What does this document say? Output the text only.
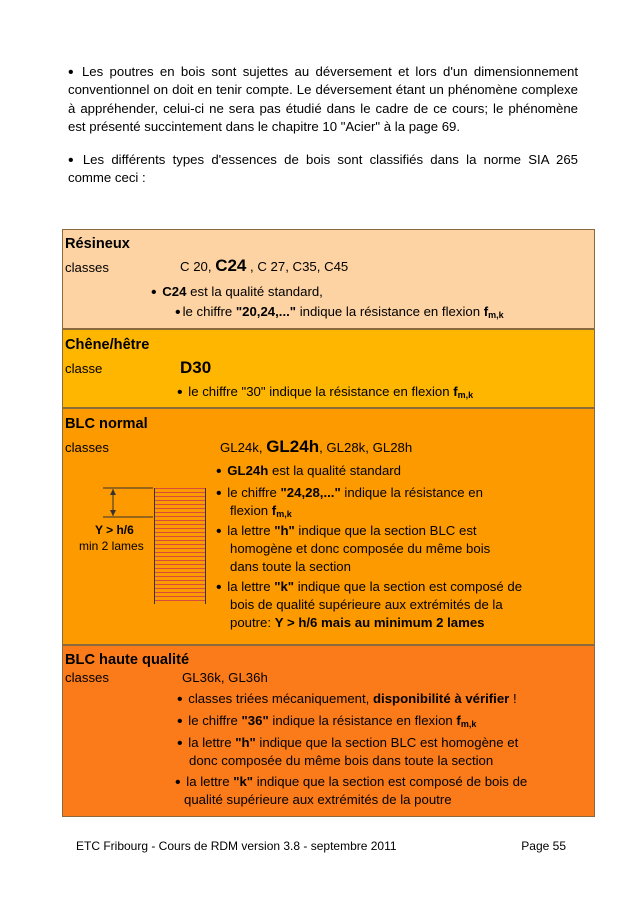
• Les poutres en bois sont sujettes au déversement et lors d'un dimensionnement conventionnel on doit en tenir compte. Le déversement étant un phénomène complexe à appréhender, celui-ci ne sera pas étudié dans le cadre de ce cours; le phénomène est présenté succintement dans le chapitre 10 "Acier" à la page 69.

• Les différents types d'essences de bois sont classifiés dans la norme SIA 265 comme ceci :

Résineux
classes	C 20, C24 , C 27, C35, C45
• C24 est la qualité standard,
• le chiffre "20,24,..." indique la résistance en flexion $f_{m,k}$
Chêne/hêtre
classe	D30
• le chiffre "30" indique la résistance en flexion $f_{m,k}$
BLC normal
classes	GL24k, GL24h, GL28k, GL28h
• GL24h est la qualité standard
• le chiffre "24,28,..." indique la résistance en
flexion $f_{m,k}$
• la lettre "h" indique que la section BLC est
homogène et donc composée du même bois
dans toute la section
• la lettre "k" indique que la section est composé de
bois de qualité supérieure aux extrémités de la
poutre: Y > h/6 mais au minimum 2 lames
Y > h/6
min 2 lames
BLC haute qualité
classes	GL36k, GL36h
• classes triées mécaniquement, disponibilité à vérifier !
• le chiffre "36" indique la résistance en flexion $f_{m,k}$
• la lettre "h" indique que la section BLC est homogène et
donc composée du même bois dans toute la section
• la lettre "k" indique que la section est composé de bois de
qualité supérieure aux extrémités de la poutre
ETC Fribourg - Cours de RDM version 3.8 - septembre 2011	Page 55
